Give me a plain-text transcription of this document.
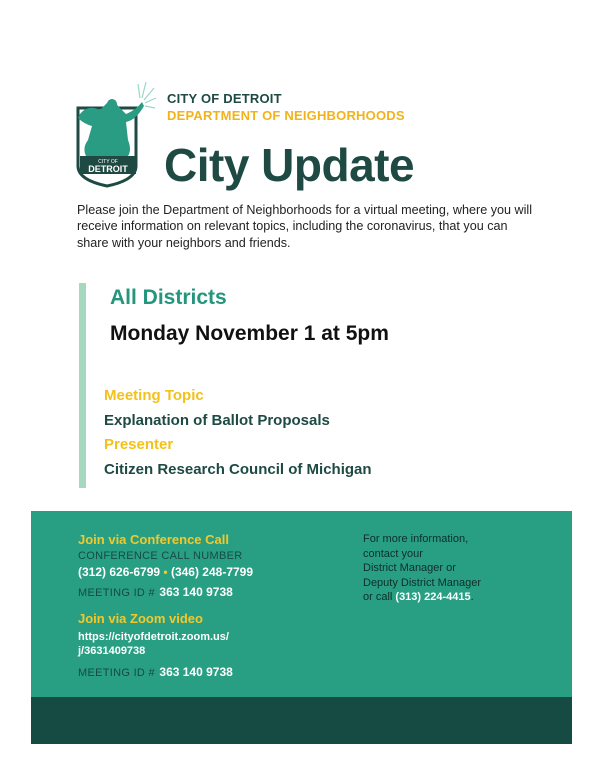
CITY OF
DETROIT
CITY OF DETROIT
DEPARTMENT OF NEIGHBORHOODS
City Update
Please join the Department of Neighborhoods for a virtual meeting, where you will receive information on relevant topics, including the coronavirus, that you can share with your neighbors and friends.
All Districts
Monday November 1 at 5pm
Meeting Topic
Explanation of Ballot Proposals
Presenter
Citizen Research Council of Michigan
Join via Conference Call
CONFERENCE CALL NUMBER
(312) 626-6799 • (346) 248-7799
MEETING ID # 363 140 9738
Join via Zoom video
https://cityofdetroit.zoom.us/ j/3631409738
MEETING ID # 363 140 9738
For more information,
contact your
District Manager or
Deputy District Manager
or call (313) 224-4415.
